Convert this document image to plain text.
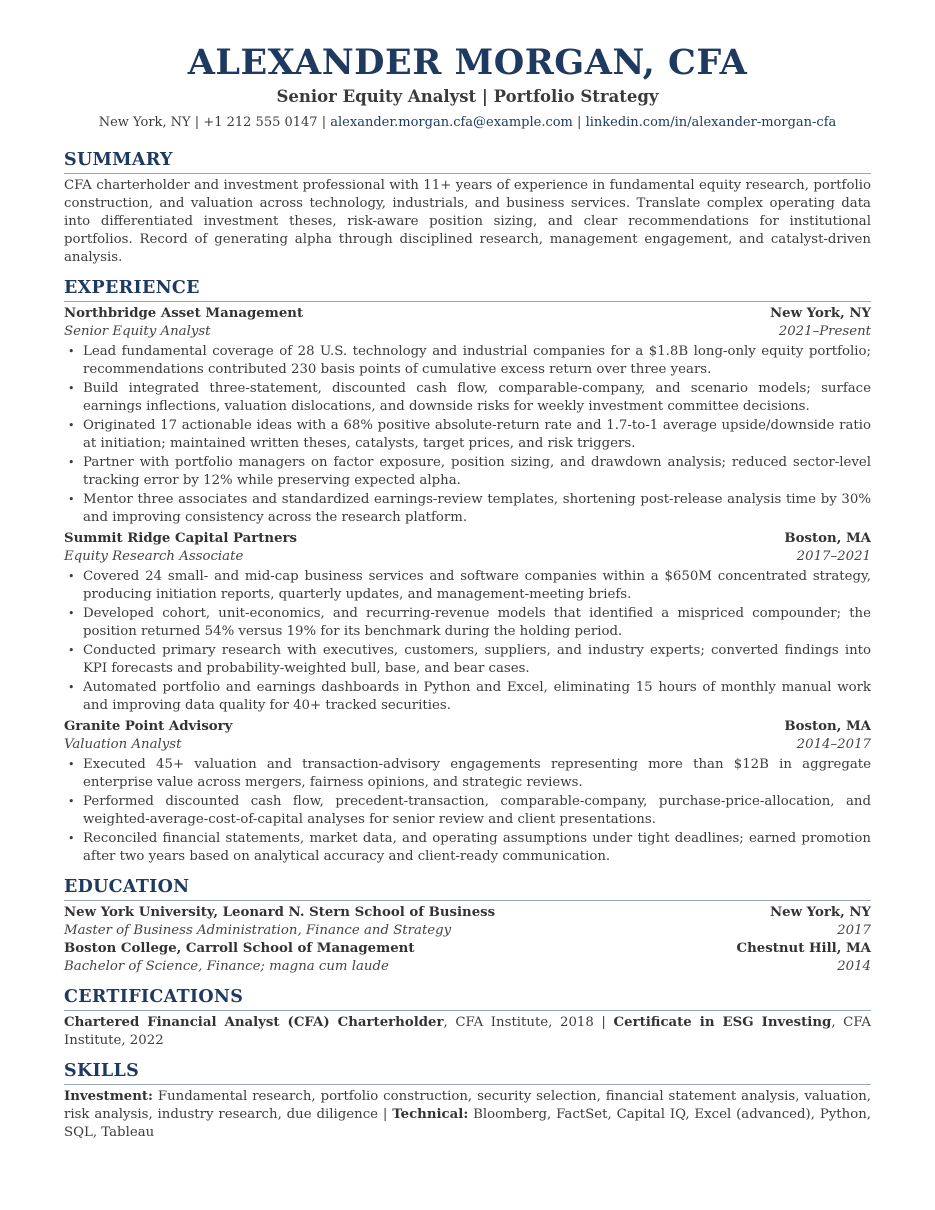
ALEXANDER MORGAN, CFA
Senior Equity Analyst | Portfolio Strategy
New York, NY | +1 212 555 0147 | alexander.morgan.cfa@example.com | linkedin.com/in/alexander-morgan-cfa
SUMMARY
CFA charterholder and investment professional with 11+ years of experience in fundamental equity research, portfolio construction, and valuation across technology, industrials, and business services. Translate complex operating data into differentiated investment theses, risk-aware position sizing, and clear recommendations for institutional portfolios. Record of generating alpha through disciplined research, management engagement, and catalyst-driven analysis.
EXPERIENCE
Northbridge Asset Management	New York, NY
Senior Equity Analyst	2021–Present
• Lead fundamental coverage of 28 U.S. technology and industrial companies for a $1.8B long-only equity portfolio; recommendations contributed 230 basis points of cumulative excess return over three years.
• Build integrated three-statement, discounted cash flow, comparable-company, and scenario models; surface earnings inflections, valuation dislocations, and downside risks for weekly investment committee decisions.
• Originated 17 actionable ideas with a 68% positive absolute-return rate and 1.7-to-1 average upside/downside ratio at initiation; maintained written theses, catalysts, target prices, and risk triggers.
• Partner with portfolio managers on factor exposure, position sizing, and drawdown analysis; reduced sector-level tracking error by 12% while preserving expected alpha.
• Mentor three associates and standardized earnings-review templates, shortening post-release analysis time by 30% and improving consistency across the research platform.
Summit Ridge Capital Partners	Boston, MA
Equity Research Associate	2017–2021
• Covered 24 small- and mid-cap business services and software companies within a $650M concentrated strategy, producing initiation reports, quarterly updates, and management-meeting briefs.
• Developed cohort, unit-economics, and recurring-revenue models that identified a mispriced compounder; the position returned 54% versus 19% for its benchmark during the holding period.
• Conducted primary research with executives, customers, suppliers, and industry experts; converted findings into KPI forecasts and probability-weighted bull, base, and bear cases.
• Automated portfolio and earnings dashboards in Python and Excel, eliminating 15 hours of monthly manual work and improving data quality for 40+ tracked securities.
Granite Point Advisory	Boston, MA
Valuation Analyst	2014–2017
• Executed 45+ valuation and transaction-advisory engagements representing more than $12B in aggregate enterprise value across mergers, fairness opinions, and strategic reviews.
• Performed discounted cash flow, precedent-transaction, comparable-company, purchase-price-allocation, and weighted-average-cost-of-capital analyses for senior review and client presentations.
• Reconciled financial statements, market data, and operating assumptions under tight deadlines; earned promotion after two years based on analytical accuracy and client-ready communication.
EDUCATION
New York University, Leonard N. Stern School of Business	New York, NY
Master of Business Administration, Finance and Strategy	2017
Boston College, Carroll School of Management	Chestnut Hill, MA
Bachelor of Science, Finance; magna cum laude	2014
CERTIFICATIONS
Chartered Financial Analyst (CFA) Charterholder, CFA Institute, 2018 | Certificate in ESG Investing, CFA Institute, 2022
SKILLS
Investment: Fundamental research, portfolio construction, security selection, financial statement analysis, valuation, risk analysis, industry research, due diligence | Technical: Bloomberg, FactSet, Capital IQ, Excel (advanced), Python, SQL, Tableau
